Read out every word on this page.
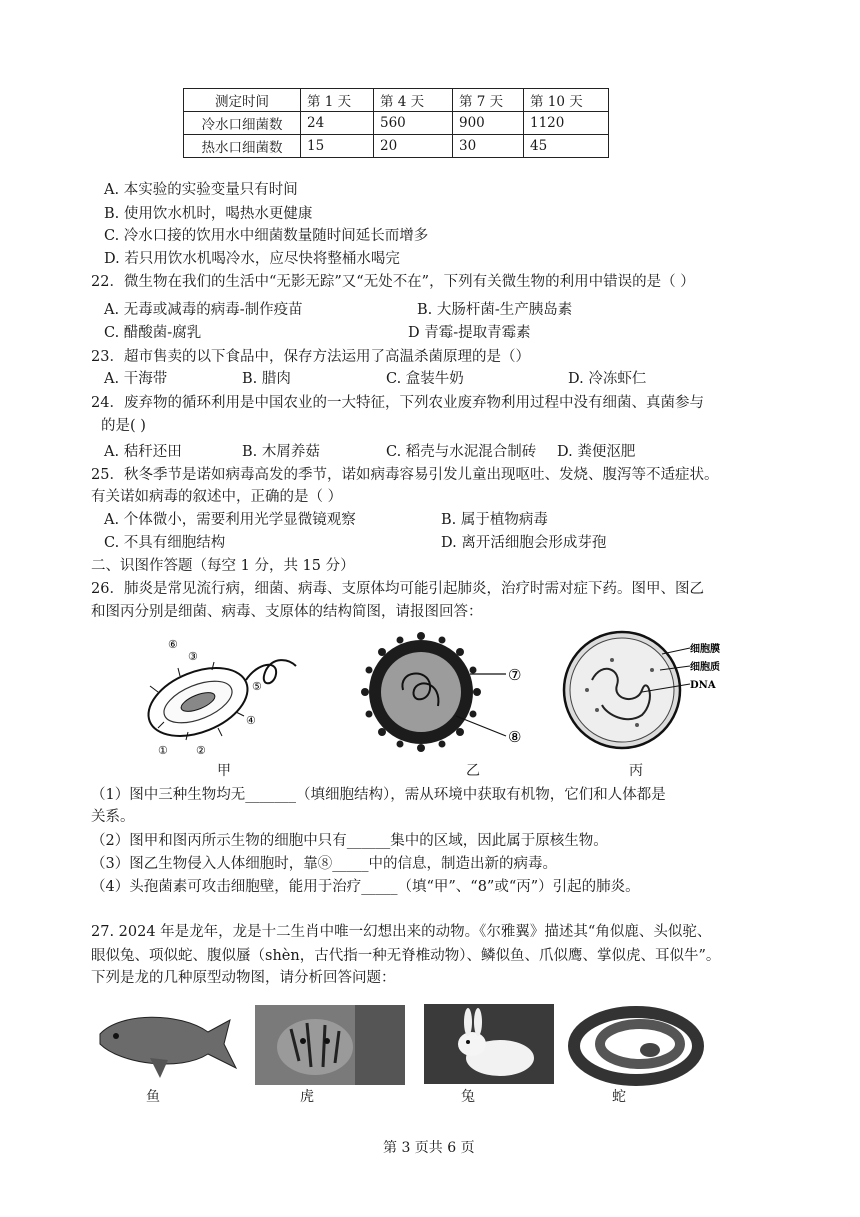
测定时间	第 1 天	第 4 天	第 7 天	第 10 天
冷水口细菌数	24	560	900	1120
热水口细菌数	15	20	30	45
A. 本实验的实验变量只有时间
B. 使用饮水机时，喝热水更健康
C. 冷水口接的饮用水中细菌数量随时间延长而增多
D. 若只用饮水机喝冷水，应尽快将整桶水喝完
22．微生物在我们的生活中“无影无踪”又“无处不在”，下列有关微生物的利用中错误的是（ ）
A. 无毒或减毒的病毒-制作疫苗	B. 大肠杆菌-生产胰岛素
C. 醋酸菌-腐乳	D 青霉-提取青霉素
23．超市售卖的以下食品中，保存方法运用了高温杀菌原理的是（）
A. 干海带	B. 腊肉	C. 盒装牛奶	D. 冷冻虾仁
24．废弃物的循环利用是中国农业的一大特征，下列农业废弃物利用过程中没有细菌、真菌参与
的是( )
A. 秸秆还田	B. 木屑养菇	C. 稻壳与水泥混合制砖 D. 粪便沤肥
25．秋冬季节是诺如病毒高发的季节，诺如病毒容易引发儿童出现呕吐、发烧、腹泻等不适症状。
有关诺如病毒的叙述中，正确的是（ ）
A. 个体微小，需要利用光学显微镜观察	B. 属于植物病毒
C. 不具有细胞结构	D. 离开活细胞会形成芽孢
二、识图作答题（每空 1 分，共 15 分）
26．肺炎是常见流行病，细菌、病毒、支原体均可能引起肺炎，治疗时需对症下药。图甲、图乙
和图丙分别是细菌、病毒、支原体的结构简图，请报图回答：
⑥
③
⑤
④
①	②
甲
⑦
⑧
乙
细胞膜
细胞质
DNA
丙
（1）图中三种生物均无_______（填细胞结构），需从环境中获取有机物，它们和人体都是
关系。
（2）图甲和图丙所示生物的细胞中只有______集中的区域，因此属于原核生物。
（3）图乙生物侵入人体细胞时，靠⑧_____中的信息，制造出新的病毒。
（4）头孢菌素可攻击细胞壁，能用于治疗_____（填“甲”、“8”或“丙”）引起的肺炎。
27. 2024 年是龙年，龙是十二生肖中唯一幻想出来的动物。《尔雅翼》描述其“角似鹿、头似驼、
眼似兔、项似蛇、腹似蜃（shèn，古代指一种无脊椎动物）、鳞似鱼、爪似鹰、掌似虎、耳似牛”。
下列是龙的几种原型动物图，请分析回答问题：
鱼	虎	兔	蛇
第 3 页共 6 页
